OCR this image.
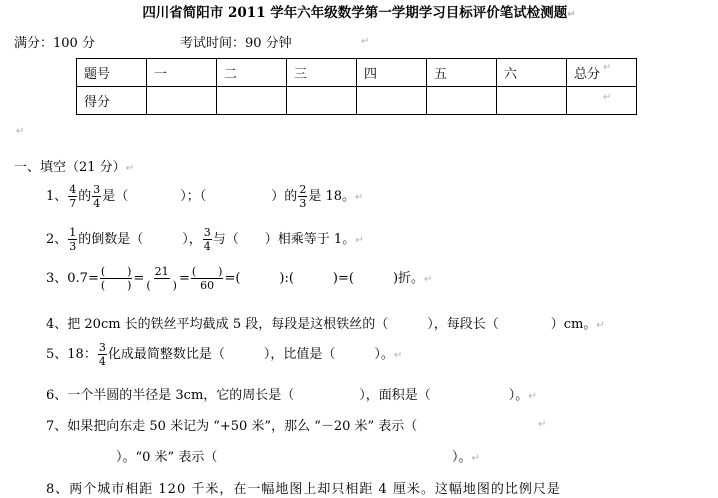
四川省简阳市 2011 学年六年级数学第一学期学习目标评价笔试检测题↵
满分：100 分	考试时间：90 分钟	↵
题号	一	二	三	四	五	六	总分
得分							
↵
↵
↵
一、填空（21 分）↵
1、 $\frac{4}{7}$ 的 $\frac{3}{4}$ 是（　　　　）；（　　　　　）的 $\frac{2}{3}$ 是 18。↵
2、 $\frac{1}{3}$ 的倒数是（　　　）， $\frac{3}{4}$ 与（　　）相乘等于 1。↵
3、$0.7= \frac{( )}{( )} = \frac{21}{( )} = \frac{( )}{60}$ =(　　　):(　　　)=(　　　)折。↵
4、把 20cm 长的铁丝平均截成 5 段，每段是这根铁丝的（　　　），每段长（　　　　）cm。↵
5、18： $\frac{3}{4}$ 化成最简整数比是（　　　），比值是（　　　）。↵
6、一个半圆的半径是 3cm，它的周长是（　　　　　），面积是（　　　　　　）。↵
7、如果把向东走 50 米记为 “+50 米”，那么 “－20 米” 表示（	↵
）。“0 米” 表示（	）。↵
8、两个城市相距 120 千米，在一幅地图上却只相距 4 厘米。这幅地图的比例尺是
